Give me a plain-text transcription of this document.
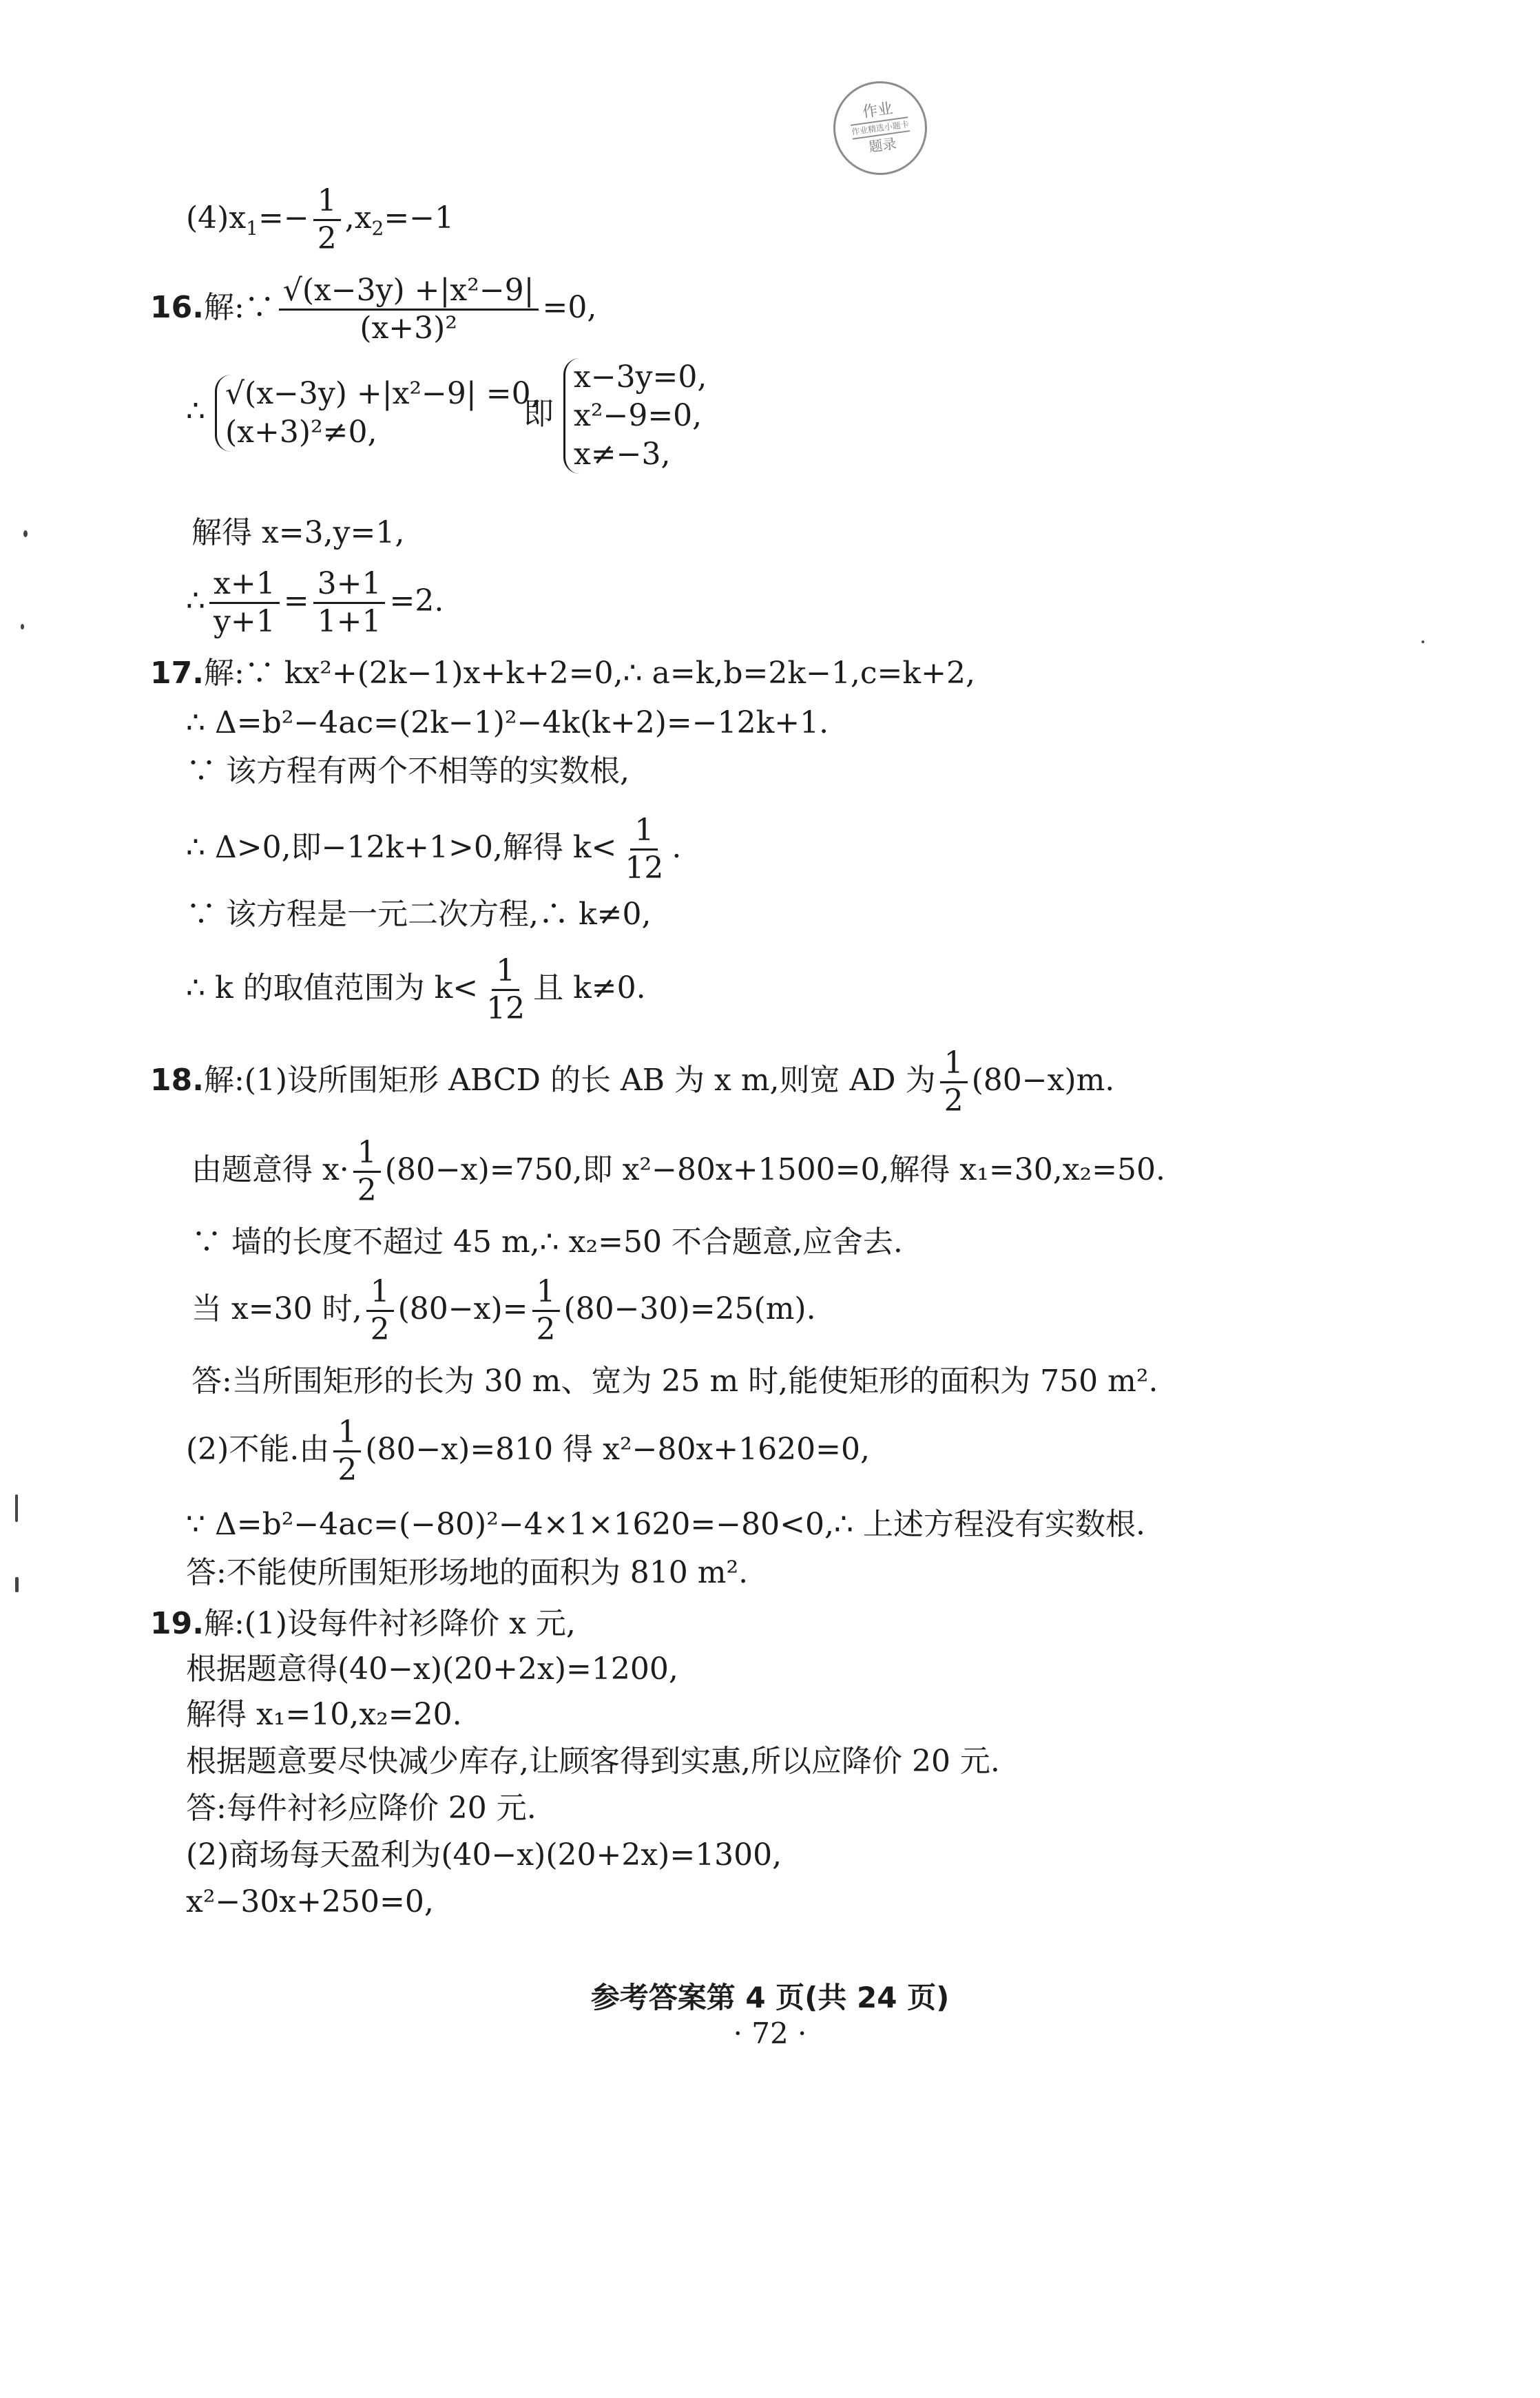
作业
作业精选小题卡
题录
$(4)x_1=- \frac{1}{2} ,x_2=-1$
16.解:∵ $\frac{\text{√(x−3y) +|x²−9|}}{\text{(x+3)²}} =0$,
∴ √(x−3y) +|x²−9| =0,
(x+3)²≠0,
即
x−3y=0,
x²−9=0,
x≠−3,
解得 x=3,y=1,
∴ $\frac{x+1}{y+1} = \frac{3+1}{1+1} =2$.
17.解:∵ kx²+(2k−1)x+k+2=0,∴ a=k,b=2k−1,c=k+2,
∴ Δ=b²−4ac=(2k−1)²−4k(k+2)=−12k+1.
∵ 该方程有两个不相等的实数根,
∴ Δ>0,即−12k+1>0,解得 $k< \frac{1}{12}$ .
∵ 该方程是一元二次方程,∴ k≠0,
∴ k 的取值范围为 $k< \frac{1}{12}$ 且 k≠0.
18.解:(1)设所围矩形 ABCD 的长 AB 为 x m,则宽 AD 为 $\frac{1}{2} (80-x)m$.
由题意得 $x\cdot \frac{1}{2} (80-x)=750$,即 x²−80x+1500=0,解得 x₁=30,x₂=50.
∵ 墙的长度不超过 45 m,∴ x₂=50 不合题意,应舍去.
当 x=30 时, $\frac{1}{2} (80-x)= \frac{1}{2} (80-30)=25(m)$.
答:当所围矩形的长为 30 m、宽为 25 m 时,能使矩形的面积为 750 m².
(2)不能.由 $\frac{1}{2} (80-x)=810$ 得 x²−80x+1620=0,
∵ Δ=b²−4ac=(−80)²−4×1×1620=−80<0,∴ 上述方程没有实数根.
答:不能使所围矩形场地的面积为 810 m².
19.解:(1)设每件衬衫降价 x 元,
根据题意得(40−x)(20+2x)=1200,
解得 x₁=10,x₂=20.
根据题意要尽快减少库存,让顾客得到实惠,所以应降价 20 元.
答:每件衬衫应降价 20 元.
(2)商场每天盈利为(40−x)(20+2x)=1300,
x²−30x+250=0,
参考答案第 4 页(共 24 页)
· 72 ·
